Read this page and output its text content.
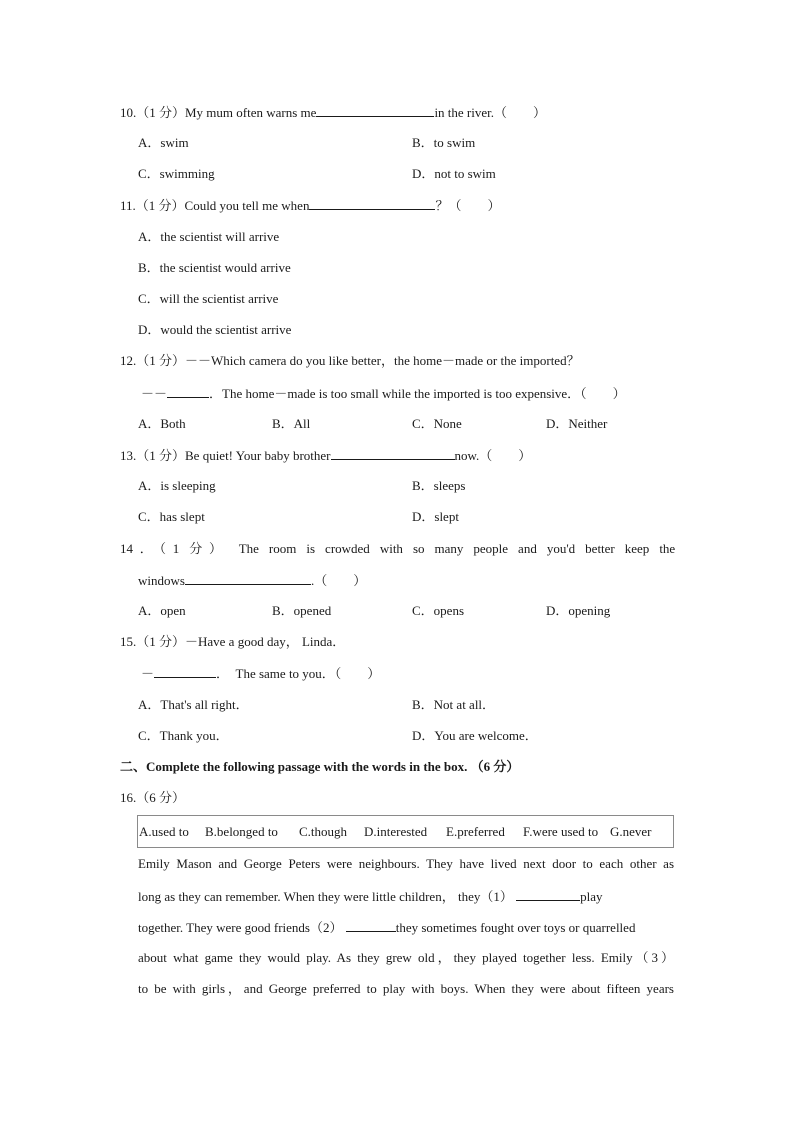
10.（1 分）My mum often warns me	in the river.（　　）
A．swim	B．to swim
C．swimming	D．not to swim
11.（1 分）Could you tell me when	？（　　）
A．the scientist will arrive
B．the scientist would arrive
C．will the scientist arrive
D．would the scientist arrive
12.（1 分）－－Which camera do you like better，the home－made or the imported？
－－	．The home－made is too small while the imported is too expensive．（　　）
A．Both	B．All	C．None	D．Neither
13.（1 分）Be quiet! Your baby brother	now.（　　）
A．is sleeping	B．sleeps
C．has slept	D．slept
14．（1 分） The room is crowded with so many people and you'd better keep the
windows	.（　　）
A．open	B．opened	C．opens	D．opening
15.（1 分）－Have a good day， Linda．
－	．　The same to you．（　　）
A．That's all right．	B．Not at all．
C．Thank you．	D．You are welcome．
二、Complete the following passage with the words in the box. （6 分）
16.（6 分）
A.used to B.belonged to C.though D.interested E.preferred F.were used to G.never
Emily Mason and George Peters were neighbours. They have lived next door to each other as
long as they can remember. When they were little children， they（1）	play
together. They were good friends（2）	they sometimes fought over toys or quarrelled
about what game they would play. As they grew old，they played together less. Emily（3）
to be with girls，and George preferred to play with boys. When they were about fifteen years
